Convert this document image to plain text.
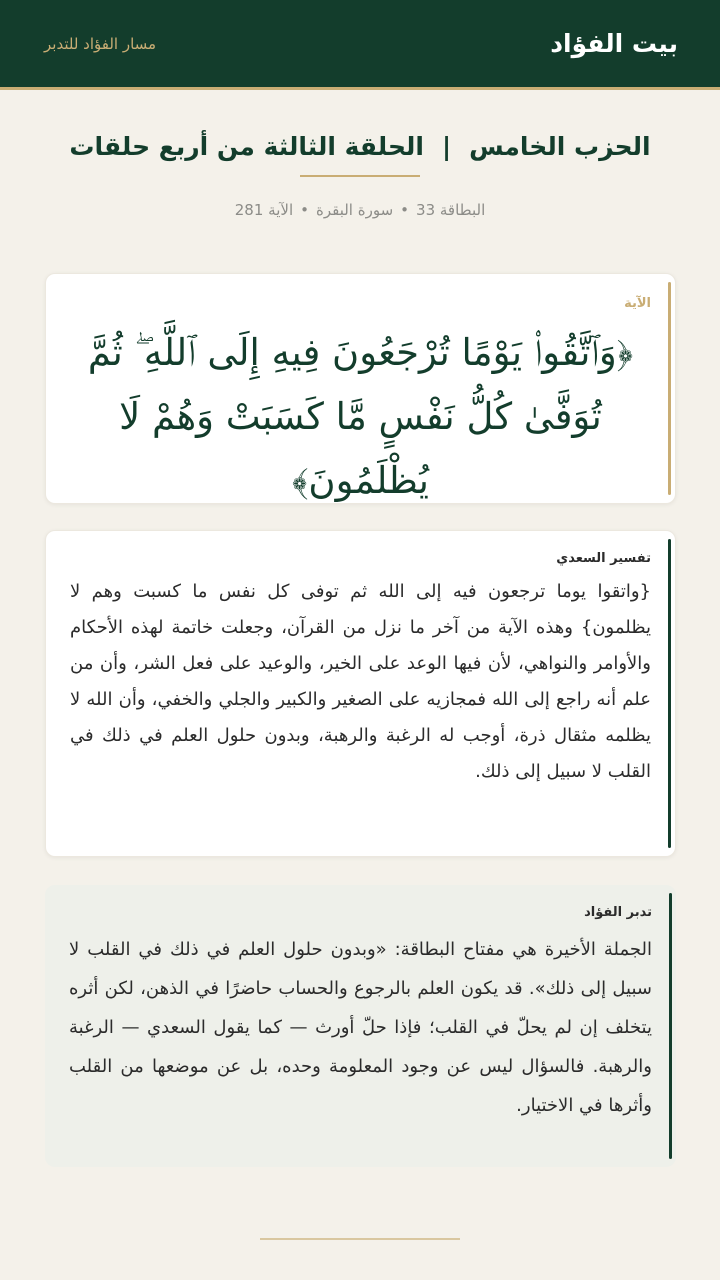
بيت الفؤاد
مسار الفؤاد للتدبر
الحزب الخامس
|
الحلقة الثالثة من أربع حلقات
البطاقة 33
•
سورة البقرة
•
الآية 281
الآية

﴿وَٱتَّقُوا۟ يَوْمًا تُرْجَعُونَ فِيهِ إِلَى ٱللَّهِ ۖ ثُمَّ تُوَفَّىٰ كُلُّ نَفْسٍ مَّا كَسَبَتْ وَهُمْ لَا يُظْلَمُونَ﴾

تفسير السعدي

{واتقوا يوما ترجعون فيه إلى الله ثم توفى كل نفس ما كسبت وهم لا يظلمون} وهذه الآية من آخر ما نزل من القرآن، وجعلت خاتمة لهذه الأحكام والأوامر والنواهي، لأن فيها الوعد على الخير، والوعيد على فعل الشر، وأن من علم أنه راجع إلى الله فمجازيه على الصغير والكبير والجلي والخفي، وأن الله لا يظلمه مثقال ذرة، أوجب له الرغبة والرهبة، وبدون حلول العلم في ذلك في القلب لا سبيل إلى ذلك.

تدبر الفؤاد

الجملة الأخيرة هي مفتاح البطاقة: «وبدون حلول العلم في ذلك في القلب لا سبيل إلى ذلك». قد يكون العلم بالرجوع والحساب حاضرًا في الذهن، لكن أثره يتخلف إن لم يحلّ في القلب؛ فإذا حلّ أورث — كما يقول السعدي — الرغبة والرهبة. فالسؤال ليس عن وجود المعلومة وحده، بل عن موضعها من القلب وأثرها في الاختيار.
